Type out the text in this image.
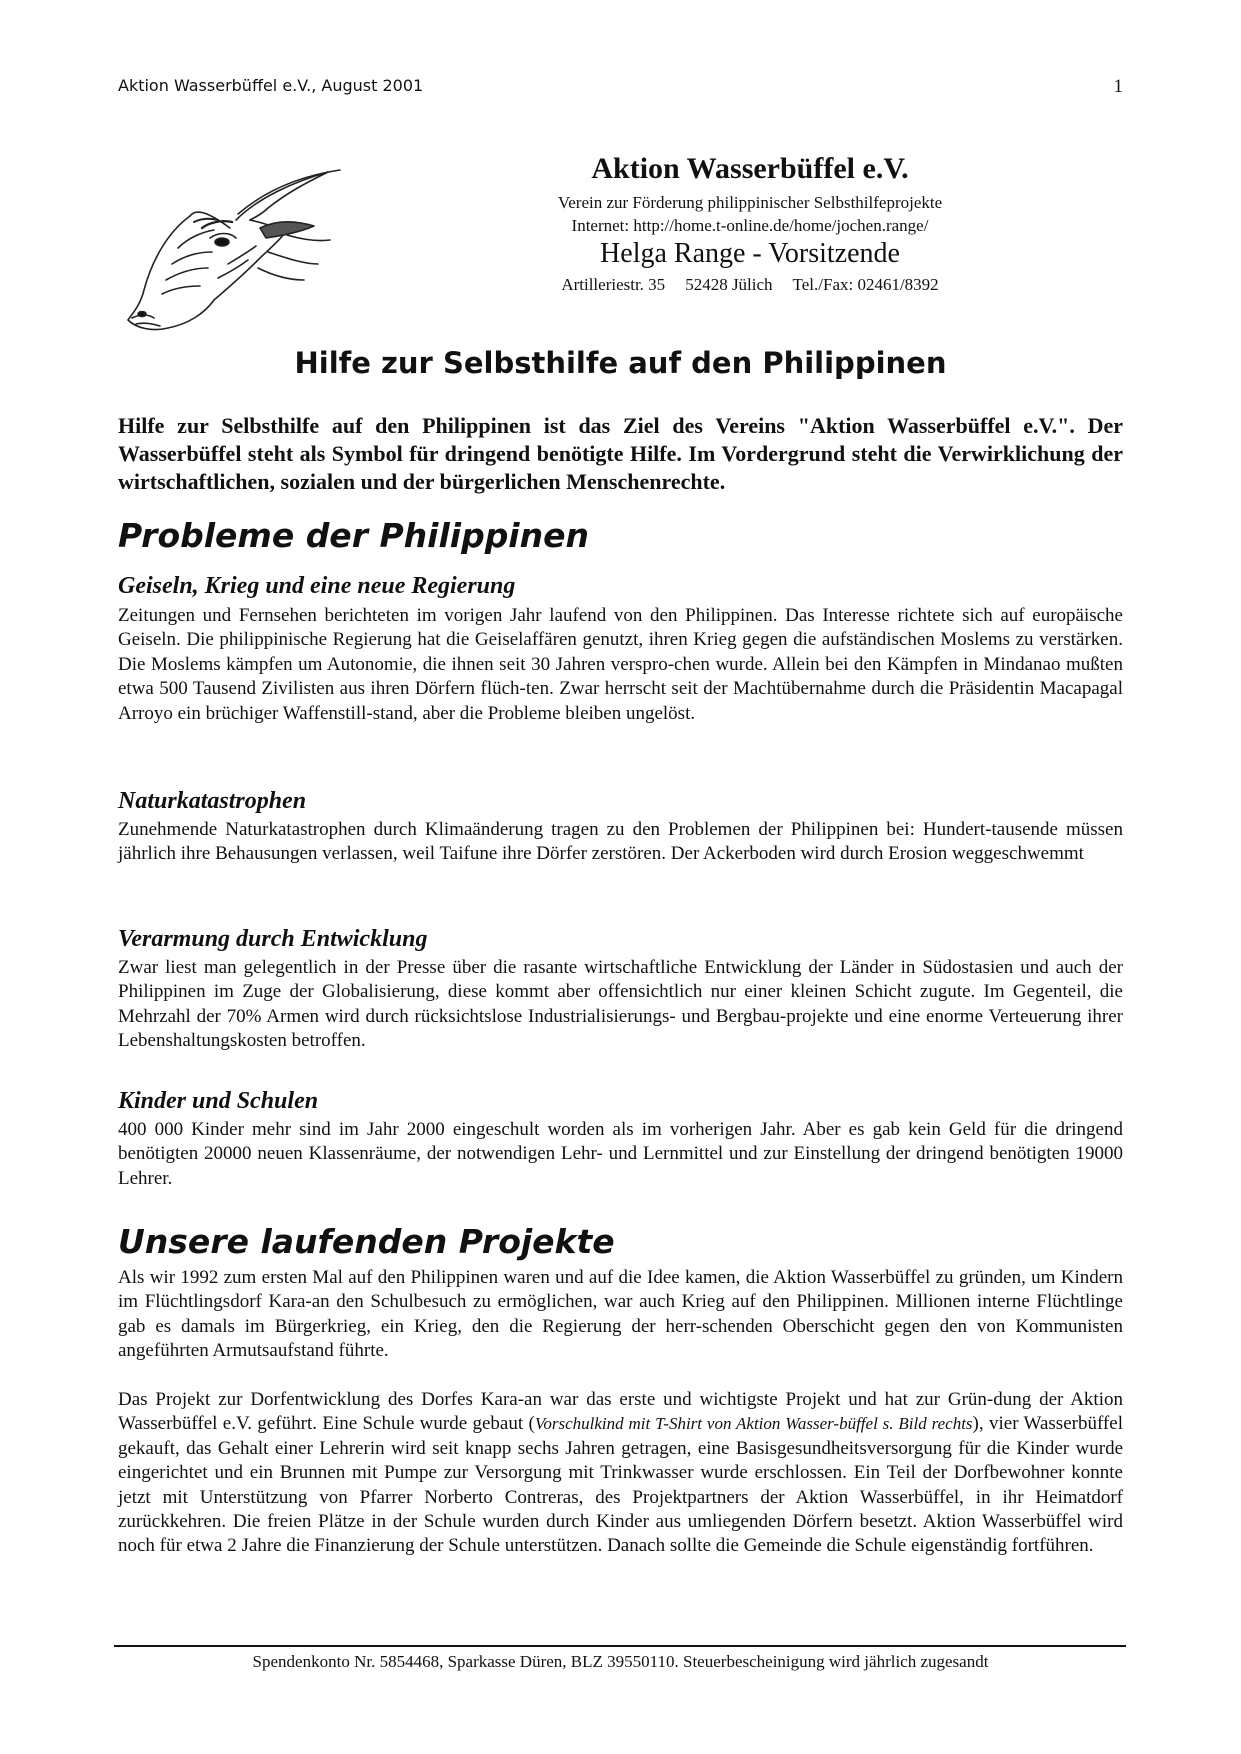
Aktion Wasserbüffel e.V., August 2001	1
Aktion Wasserbüffel e.V.
Verein zur Förderung philippinischer Selbsthilfeprojekte
Internet: http://home.t-online.de/home/jochen.range/
Helga Range - Vorsitzende
Artilleriestr. 35 52428 Jülich Tel./Fax: 02461/8392
Hilfe zur Selbsthilfe auf den Philippinen
Hilfe zur Selbsthilfe auf den Philippinen ist das Ziel des Vereins "Aktion Wasserbüffel e.V.". Der Wasserbüffel steht als Symbol für dringend benötigte Hilfe. Im Vordergrund steht die Verwirklichung der wirtschaftlichen, sozialen und der bürgerlichen Menschenrechte.
Probleme der Philippinen
Geiseln, Krieg und eine neue Regierung
Zeitungen und Fernsehen berichteten im vorigen Jahr laufend von den Philippinen. Das Interesse richtete sich auf europäische Geiseln. Die philippinische Regierung hat die Geiselaffären genutzt, ihren Krieg gegen die aufständischen Moslems zu verstärken. Die Moslems kämpfen um Autonomie, die ihnen seit 30 Jahren verspro-chen wurde. Allein bei den Kämpfen in Mindanao mußten etwa 500 Tausend Zivilisten aus ihren Dörfern flüch-ten. Zwar herrscht seit der Machtübernahme durch die Präsidentin Macapagal Arroyo ein brüchiger Waffenstill-stand, aber die Probleme bleiben ungelöst.
Naturkatastrophen
Zunehmende Naturkatastrophen durch Klimaänderung tragen zu den Problemen der Philippinen bei: Hundert-tausende müssen jährlich ihre Behausungen verlassen, weil Taifune ihre Dörfer zerstören. Der Ackerboden wird durch Erosion weggeschwemmt
Verarmung durch Entwicklung
Zwar liest man gelegentlich in der Presse über die rasante wirtschaftliche Entwicklung der Länder in Südostasien und auch der Philippinen im Zuge der Globalisierung, diese kommt aber offensichtlich nur einer kleinen Schicht zugute. Im Gegenteil, die Mehrzahl der 70% Armen wird durch rücksichtslose Industrialisierungs- und Bergbau-projekte und eine enorme Verteuerung ihrer Lebenshaltungskosten betroffen.
Kinder und Schulen
400 000 Kinder mehr sind im Jahr 2000 eingeschult worden als im vorherigen Jahr. Aber es gab kein Geld für die dringend benötigten 20000 neuen Klassenräume, der notwendigen Lehr- und Lernmittel und zur Einstellung der dringend benötigten 19000 Lehrer.
Unsere laufenden Projekte
Als wir 1992 zum ersten Mal auf den Philippinen waren und auf die Idee kamen, die Aktion Wasserbüffel zu gründen, um Kindern im Flüchtlingsdorf Kara-an den Schulbesuch zu ermöglichen, war auch Krieg auf den Philippinen. Millionen interne Flüchtlinge gab es damals im Bürgerkrieg, ein Krieg, den die Regierung der herr-schenden Oberschicht gegen den von Kommunisten angeführten Armutsaufstand führte.
Das Projekt zur Dorfentwicklung des Dorfes Kara-an war das erste und wichtigste Projekt und hat zur Grün-dung der Aktion Wasserbüffel e.V. geführt. Eine Schule wurde gebaut (Vorschulkind mit T-Shirt von Aktion Wasser-büffel s. Bild rechts), vier Wasserbüffel gekauft, das Gehalt einer Lehrerin wird seit knapp sechs Jahren getragen, eine Basisgesundheitsversorgung für die Kinder wurde eingerichtet und ein Brunnen mit Pumpe zur Versorgung mit Trinkwasser wurde erschlossen. Ein Teil der Dorfbewohner konnte jetzt mit Unterstützung von Pfarrer Norberto Contreras, des Projektpartners der Aktion Wasserbüffel, in ihr Heimatdorf zurückkehren. Die freien Plätze in der Schule wurden durch Kinder aus umliegenden Dörfern besetzt. Aktion Wasserbüffel wird noch für etwa 2 Jahre die Finanzierung der Schule unterstützen. Danach sollte die Gemeinde die Schule eigenständig fortführen.
Spendenkonto Nr. 5854468, Sparkasse Düren, BLZ 39550110. Steuerbescheinigung wird jährlich zugesandt
